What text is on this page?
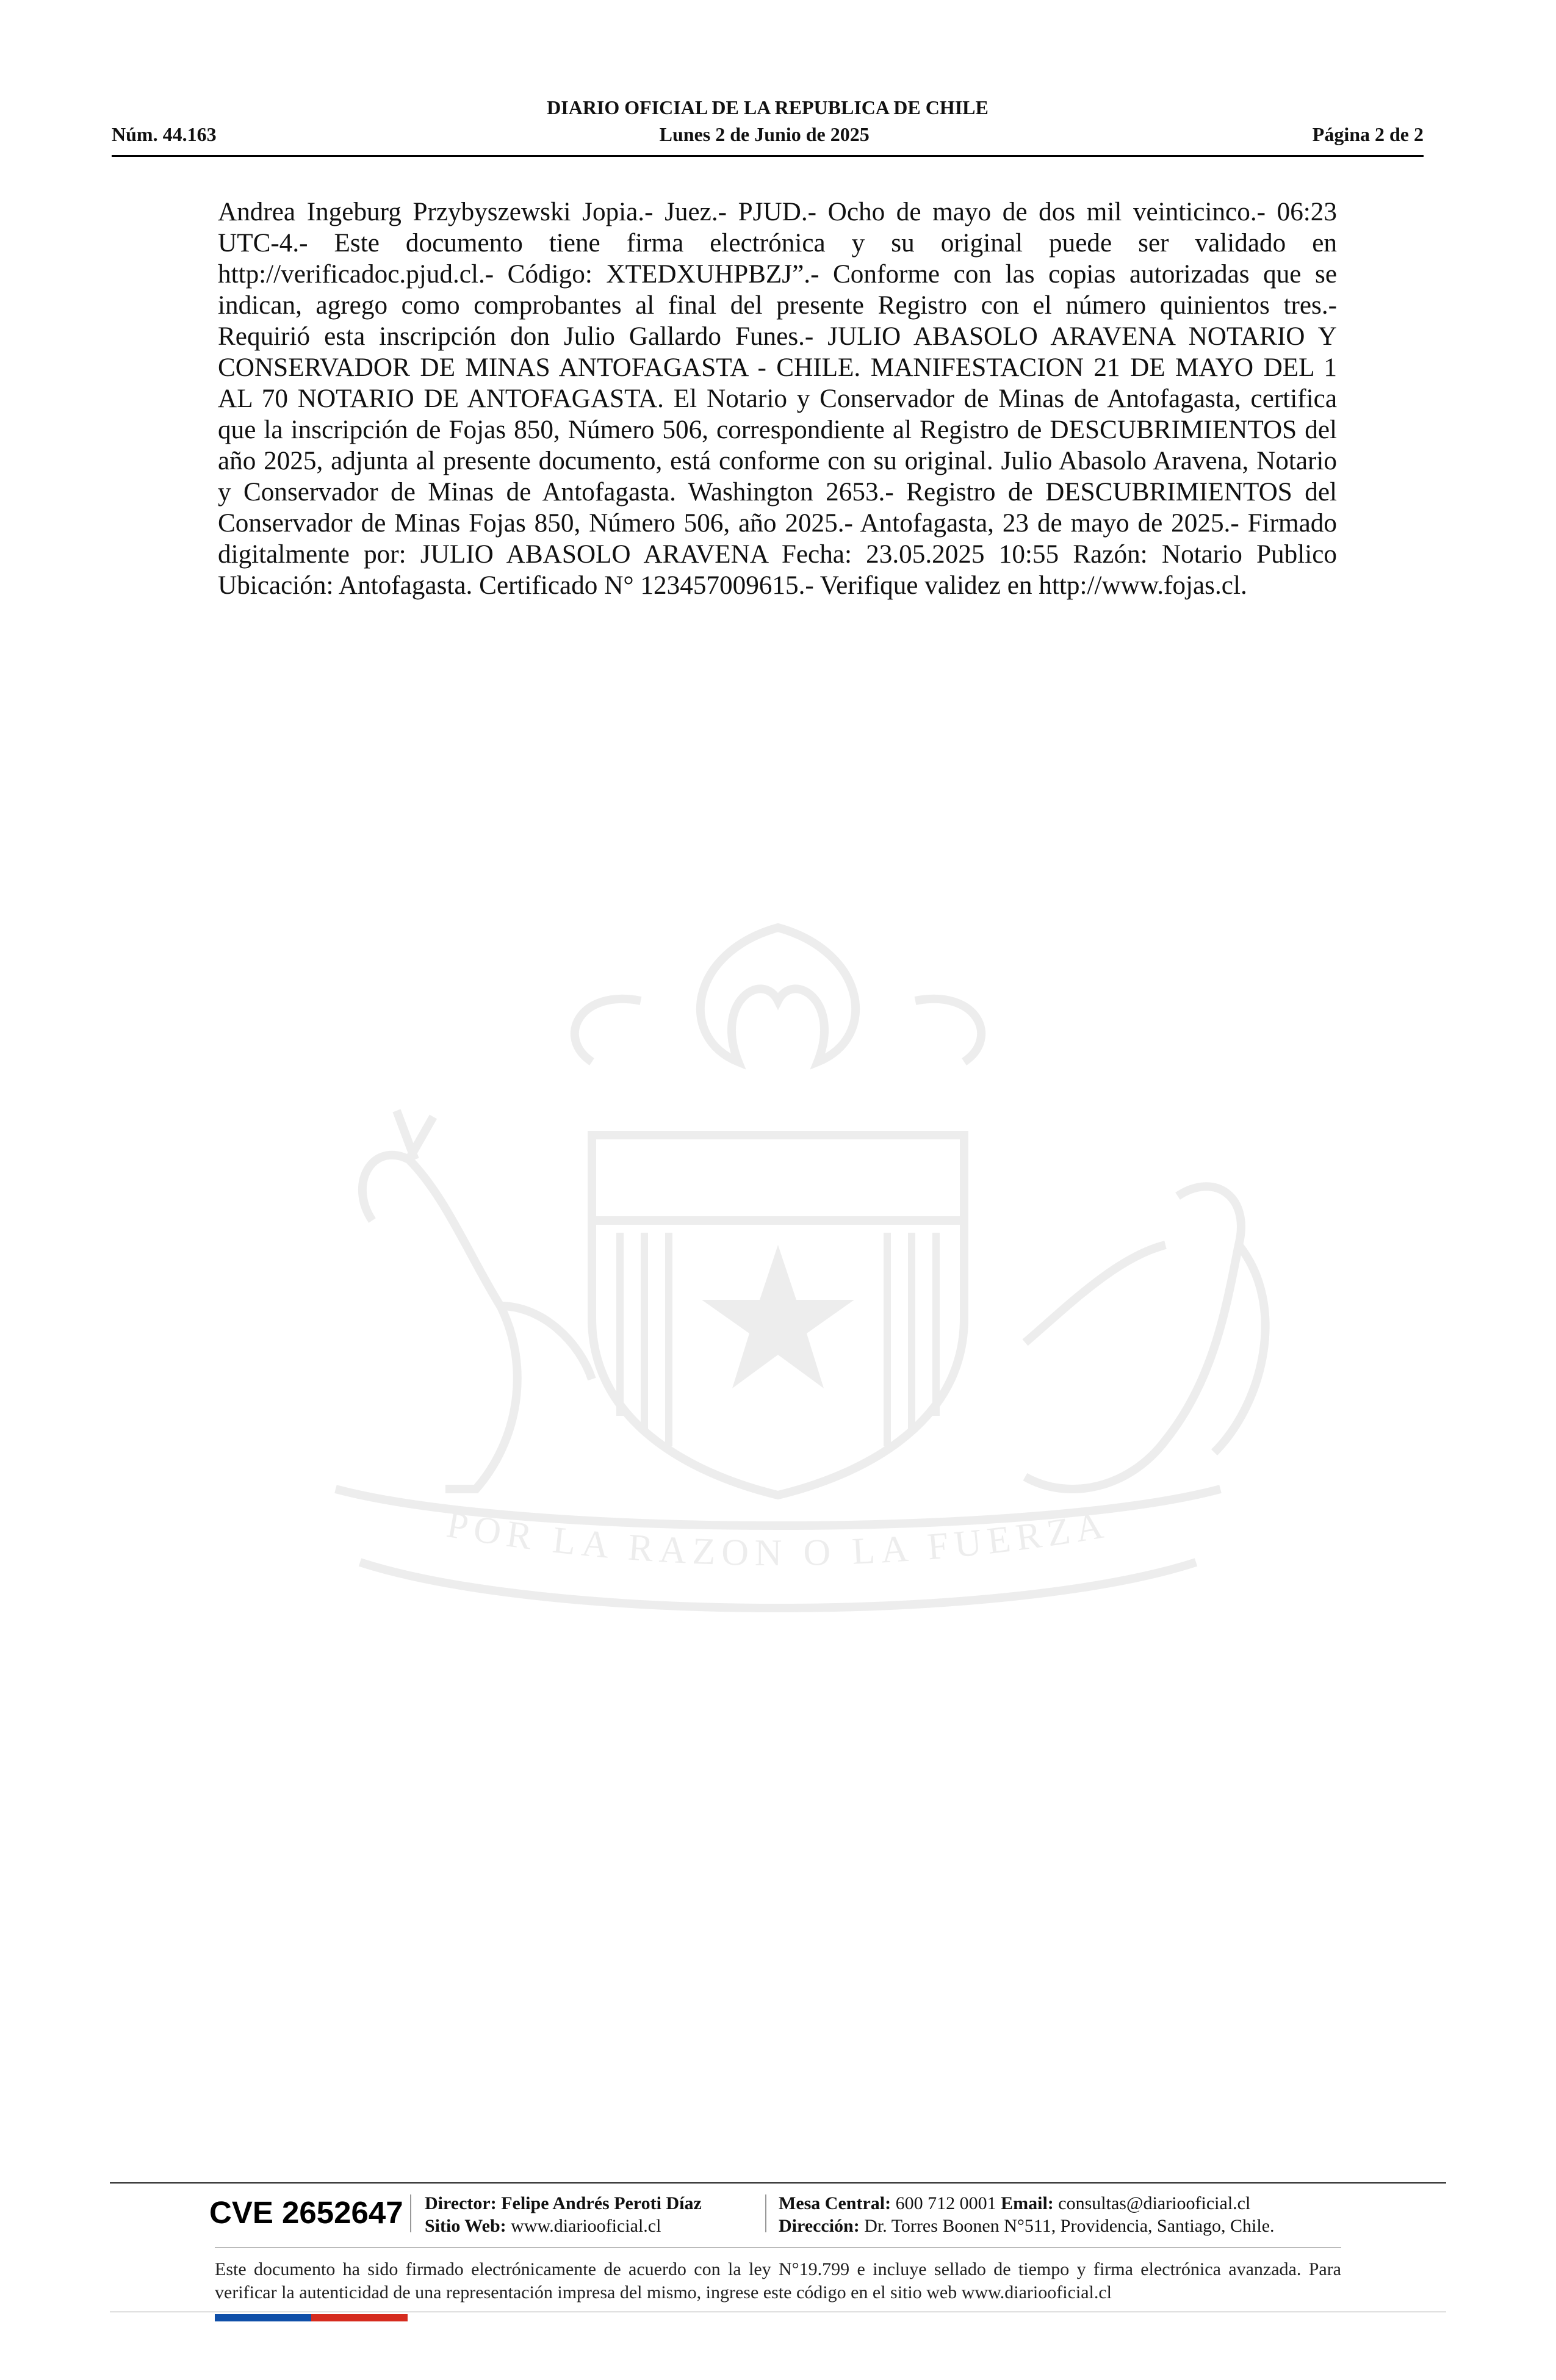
DIARIO OFICIAL DE LA REPUBLICA DE CHILE
Núm. 44.163	Lunes 2 de Junio de 2025	Página 2 de 2

Andrea Ingeburg Przybyszewski Jopia.- Juez.- PJUD.- Ocho de mayo de dos mil veinticinco.- 06:23 UTC-4.- Este documento tiene firma electrónica y su original puede ser validado en http://verificadoc.pjud.cl.- Código: XTEDXUHPBZJ”.- Conforme con las copias autorizadas que se indican, agrego como comprobantes al final del presente Registro con el número quinientos tres.- Requirió esta inscripción don Julio Gallardo Funes.- JULIO ABASOLO ARAVENA NOTARIO Y CONSERVADOR DE MINAS ANTOFAGASTA - CHILE. MANIFESTACION 21 DE MAYO DEL 1 AL 70 NOTARIO DE ANTOFAGASTA. El Notario y Conservador de Minas de Antofagasta, certifica que la inscripción de Fojas 850, Número 506, correspondiente al Registro de DESCUBRIMIENTOS del año 2025, adjunta al presente documento, está conforme con su original. Julio Abasolo Aravena, Notario y Conservador de Minas de Antofagasta. Washington 2653.- Registro de DESCUBRIMIENTOS del Conservador de Minas Fojas 850, Número 506, año 2025.- Antofagasta, 23 de mayo de 2025.- Firmado digitalmente por: JULIO ABASOLO ARAVENA Fecha: 23.05.2025 10:55 Razón: Notario Publico Ubicación: Antofagasta. Certificado N° 123457009615.- Verifique validez en http://www.fojas.cl.

POR LA RAZON O LA FUERZA
CVE 2652647 Director: Felipe Andrés Peroti Díaz
Sitio Web: www.diariooficial.cl
Mesa Central: 600 712 0001 Email: consultas@diariooficial.cl
Dirección: Dr. Torres Boonen N°511, Providencia, Santiago, Chile.
Este documento ha sido firmado electrónicamente de acuerdo con la ley N°19.799 e incluye sellado de tiempo y firma electrónica avanzada. Para verificar la autenticidad de una representación impresa del mismo, ingrese este código en el sitio web www.diariooficial.cl
